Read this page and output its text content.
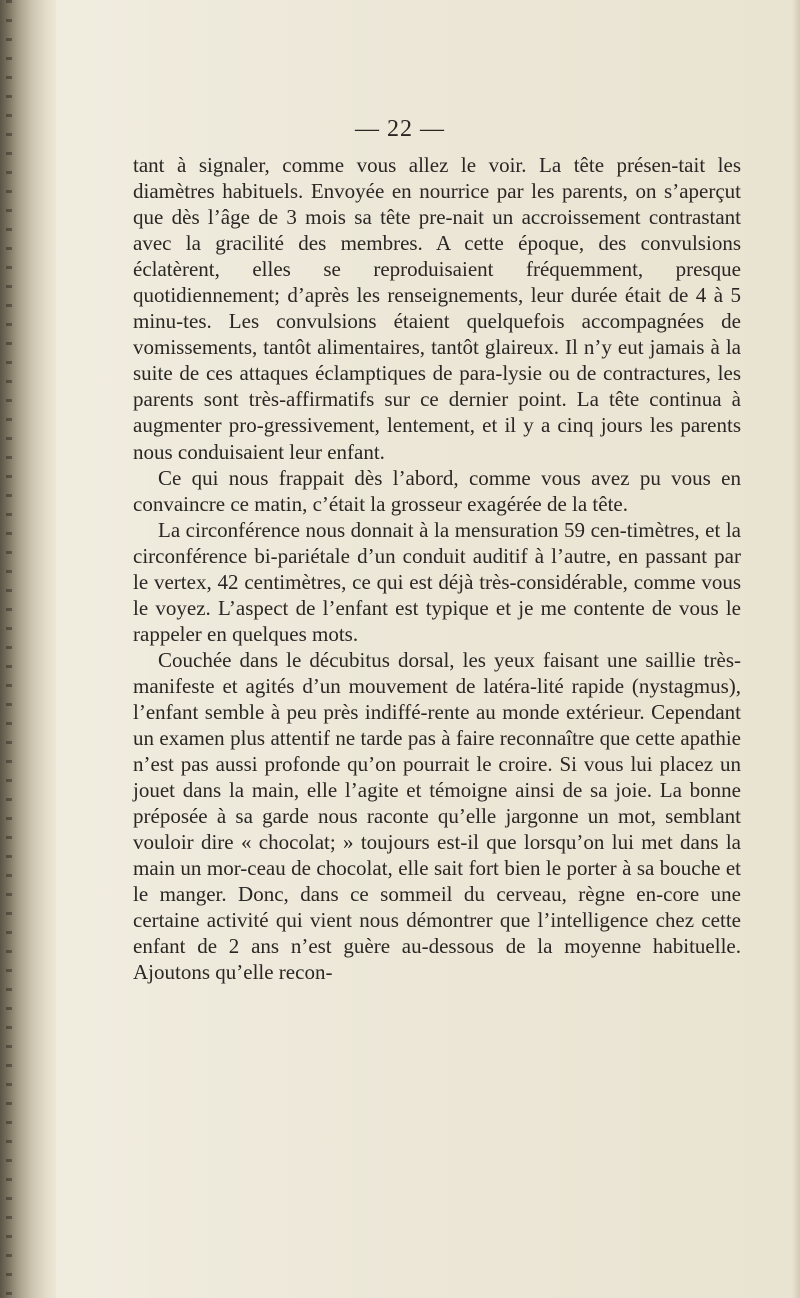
— 22 —

tant à signaler, comme vous allez le voir. La tête présen-tait les diamètres habituels. Envoyée en nourrice par les parents, on s’aperçut que dès l’âge de 3 mois sa tête pre-nait un accroissement contrastant avec la gracilité des membres. A cette époque, des convulsions éclatèrent, elles se reproduisaient fréquemment, presque quotidiennement; d’après les renseignements, leur durée était de 4 à 5 minu-tes. Les convulsions étaient quelquefois accompagnées de vomissements, tantôt alimentaires, tantôt glaireux. Il n’y eut jamais à la suite de ces attaques éclamptiques de para-lysie ou de contractures, les parents sont très-affirmatifs sur ce dernier point. La tête continua à augmenter pro-gressivement, lentement, et il y a cinq jours les parents nous conduisaient leur enfant.

Ce qui nous frappait dès l’abord, comme vous avez pu vous en convaincre ce matin, c’était la grosseur exagérée de la tête.

La circonférence nous donnait à la mensuration 59 cen-timètres, et la circonférence bi-pariétale d’un conduit auditif à l’autre, en passant par le vertex, 42 centimètres, ce qui est déjà très-considérable, comme vous le voyez. L’aspect de l’enfant est typique et je me contente de vous le rappeler en quelques mots.

Couchée dans le décubitus dorsal, les yeux faisant une saillie très-manifeste et agités d’un mouvement de latéra-lité rapide (nystagmus), l’enfant semble à peu près indiffé-rente au monde extérieur. Cependant un examen plus attentif ne tarde pas à faire reconnaître que cette apathie n’est pas aussi profonde qu’on pourrait le croire. Si vous lui placez un jouet dans la main, elle l’agite et témoigne ainsi de sa joie. La bonne préposée à sa garde nous raconte qu’elle jargonne un mot, semblant vouloir dire « chocolat; » toujours est-il que lorsqu’on lui met dans la main un mor-ceau de chocolat, elle sait fort bien le porter à sa bouche et le manger. Donc, dans ce sommeil du cerveau, règne en-core une certaine activité qui vient nous démontrer que l’intelligence chez cette enfant de 2 ans n’est guère au-dessous de la moyenne habituelle. Ajoutons qu’elle recon-
